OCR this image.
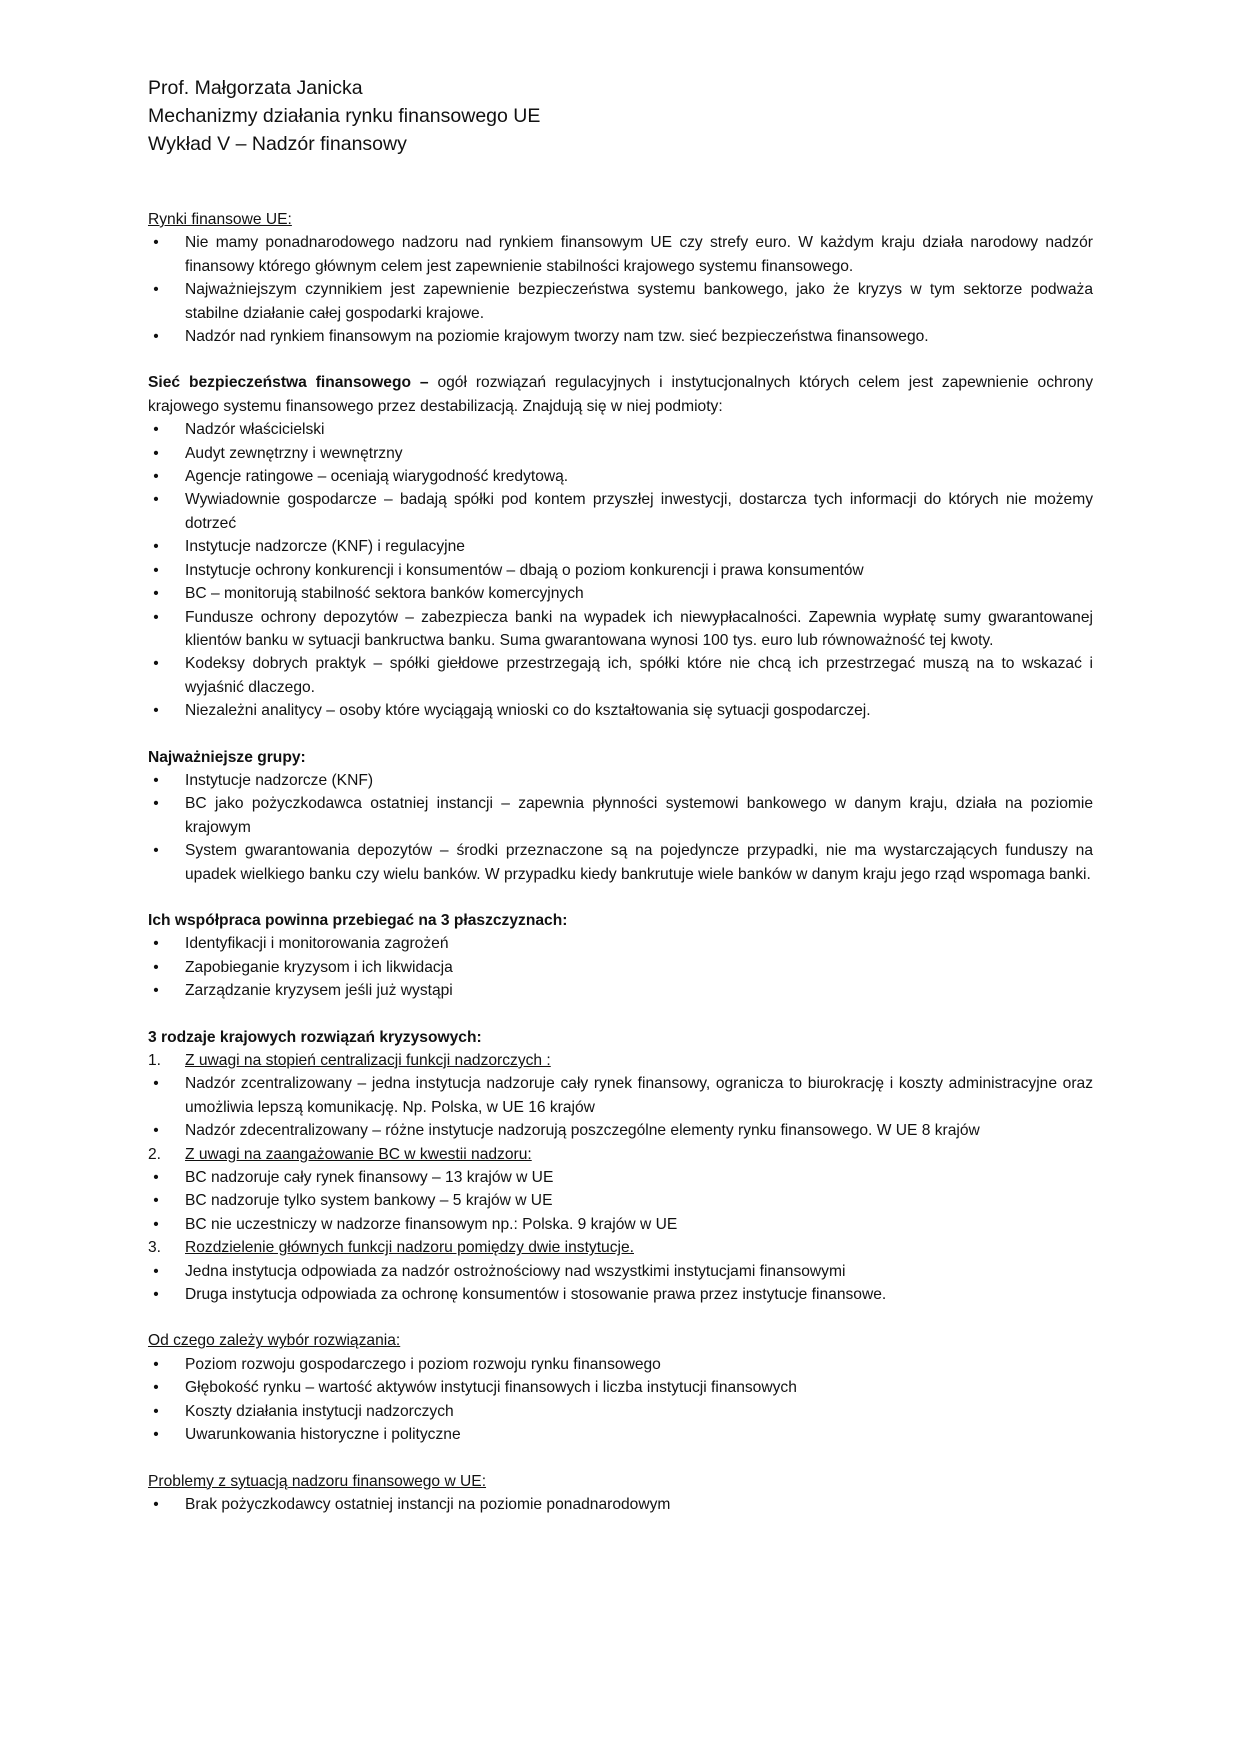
Prof. Małgorzata Janicka
Mechanizmy działania rynku finansowego UE
Wykład V – Nadzór finansowy
Rynki finansowe UE:
•	Nie mamy ponadnarodowego nadzoru nad rynkiem finansowym UE czy strefy euro. W każdym kraju działa narodowy nadzór finansowy którego głównym celem jest zapewnienie stabilności krajowego systemu finansowego.
•	Najważniejszym czynnikiem jest zapewnienie bezpieczeństwa systemu bankowego, jako że kryzys w tym sektorze podważa stabilne działanie całej gospodarki krajowe.
•	Nadzór nad rynkiem finansowym na poziomie krajowym tworzy nam tzw. sieć bezpieczeństwa finansowego.
Sieć bezpieczeństwa finansowego – ogół rozwiązań regulacyjnych i instytucjonalnych których celem jest zapewnienie ochrony krajowego systemu finansowego przez destabilizacją. Znajdują się w niej podmioty:
•	Nadzór właścicielski
•	Audyt zewnętrzny i wewnętrzny
•	Agencje ratingowe – oceniają wiarygodność kredytową.
•	Wywiadownie gospodarcze – badają spółki pod kontem przyszłej inwestycji, dostarcza tych informacji do których nie możemy dotrzeć
•	Instytucje nadzorcze (KNF) i regulacyjne
•	Instytucje ochrony konkurencji i konsumentów – dbają o poziom konkurencji i prawa konsumentów
•	BC – monitorują stabilność sektora banków komercyjnych
•	Fundusze ochrony depozytów – zabezpiecza banki na wypadek ich niewypłacalności. Zapewnia wypłatę sumy gwarantowanej klientów banku w sytuacji bankructwa banku. Suma gwarantowana wynosi 100 tys. euro lub równoważność tej kwoty.
•	Kodeksy dobrych praktyk – spółki giełdowe przestrzegają ich, spółki które nie chcą ich przestrzegać muszą na to wskazać i wyjaśnić dlaczego.
•	Niezależni analitycy – osoby które wyciągają wnioski co do kształtowania się sytuacji gospodarczej.
Najważniejsze grupy:
•	Instytucje nadzorcze (KNF)
•	BC jako pożyczkodawca ostatniej instancji – zapewnia płynności systemowi bankowego w danym kraju, działa na poziomie krajowym
•	System gwarantowania depozytów – środki przeznaczone są na pojedyncze przypadki, nie ma wystarczających funduszy na upadek wielkiego banku czy wielu banków. W przypadku kiedy bankrutuje wiele banków w danym kraju jego rząd wspomaga banki.
Ich współpraca powinna przebiegać na 3 płaszczyznach:
•	Identyfikacji i monitorowania zagrożeń
•	Zapobieganie kryzysom i ich likwidacja
•	Zarządzanie kryzysem jeśli już wystąpi
3 rodzaje krajowych rozwiązań kryzysowych:
1. Z uwagi na stopień centralizacji funkcji nadzorczych :
•	Nadzór zcentralizowany – jedna instytucja nadzoruje cały rynek finansowy, ogranicza to biurokrację i koszty administracyjne oraz umożliwia lepszą komunikację. Np. Polska, w UE 16 krajów
•	Nadzór zdecentralizowany – różne instytucje nadzorują poszczególne elementy rynku finansowego. W UE 8 krajów
2. Z uwagi na zaangażowanie BC w kwestii nadzoru:
•	BC nadzoruje cały rynek finansowy – 13 krajów w UE
•	BC nadzoruje tylko system bankowy – 5 krajów w UE
•	BC nie uczestniczy w nadzorze finansowym np.: Polska. 9 krajów w UE
3. Rozdzielenie głównych funkcji nadzoru pomiędzy dwie instytucje.
•	Jedna instytucja odpowiada za nadzór ostrożnościowy nad wszystkimi instytucjami finansowymi
•	Druga instytucja odpowiada za ochronę konsumentów i stosowanie prawa przez instytucje finansowe.
Od czego zależy wybór rozwiązania:
•	Poziom rozwoju gospodarczego i poziom rozwoju rynku finansowego
•	Głębokość rynku – wartość aktywów instytucji finansowych i liczba instytucji finansowych
•	Koszty działania instytucji nadzorczych
•	Uwarunkowania historyczne i polityczne
Problemy z sytuacją nadzoru finansowego w UE:
•	Brak pożyczkodawcy ostatniej instancji na poziomie ponadnarodowym
